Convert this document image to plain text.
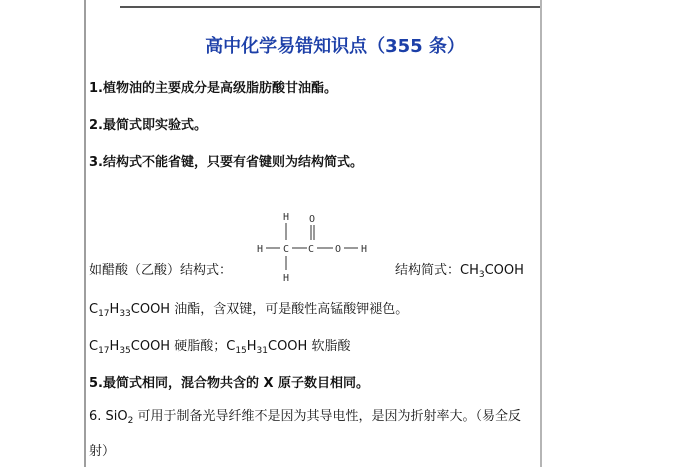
高中化学易错知识点（355 条）
1.植物油的主要成分是高级脂肪酸甘油酯。
2.最简式即实验式。
3.结构式不能省键，只要有省键则为结构简式。
H O
H C C O H
H
如醋酸（乙酸）结构式：	结构简式：$CH_3COOH$
$C_{17}H_{33}COOH$ 油酯，含双键，可是酸性高锰酸钾褪色。
$C_{17}H_{35}COOH$ 硬脂酸；$C_{15}H_{31}COOH$ 软脂酸
5.最简式相同，混合物共含的 X 原子数目相同。
6. SiO$_2$ 可用于制备光导纤维不是因为其导电性，是因为折射率大。（易全反
射）
